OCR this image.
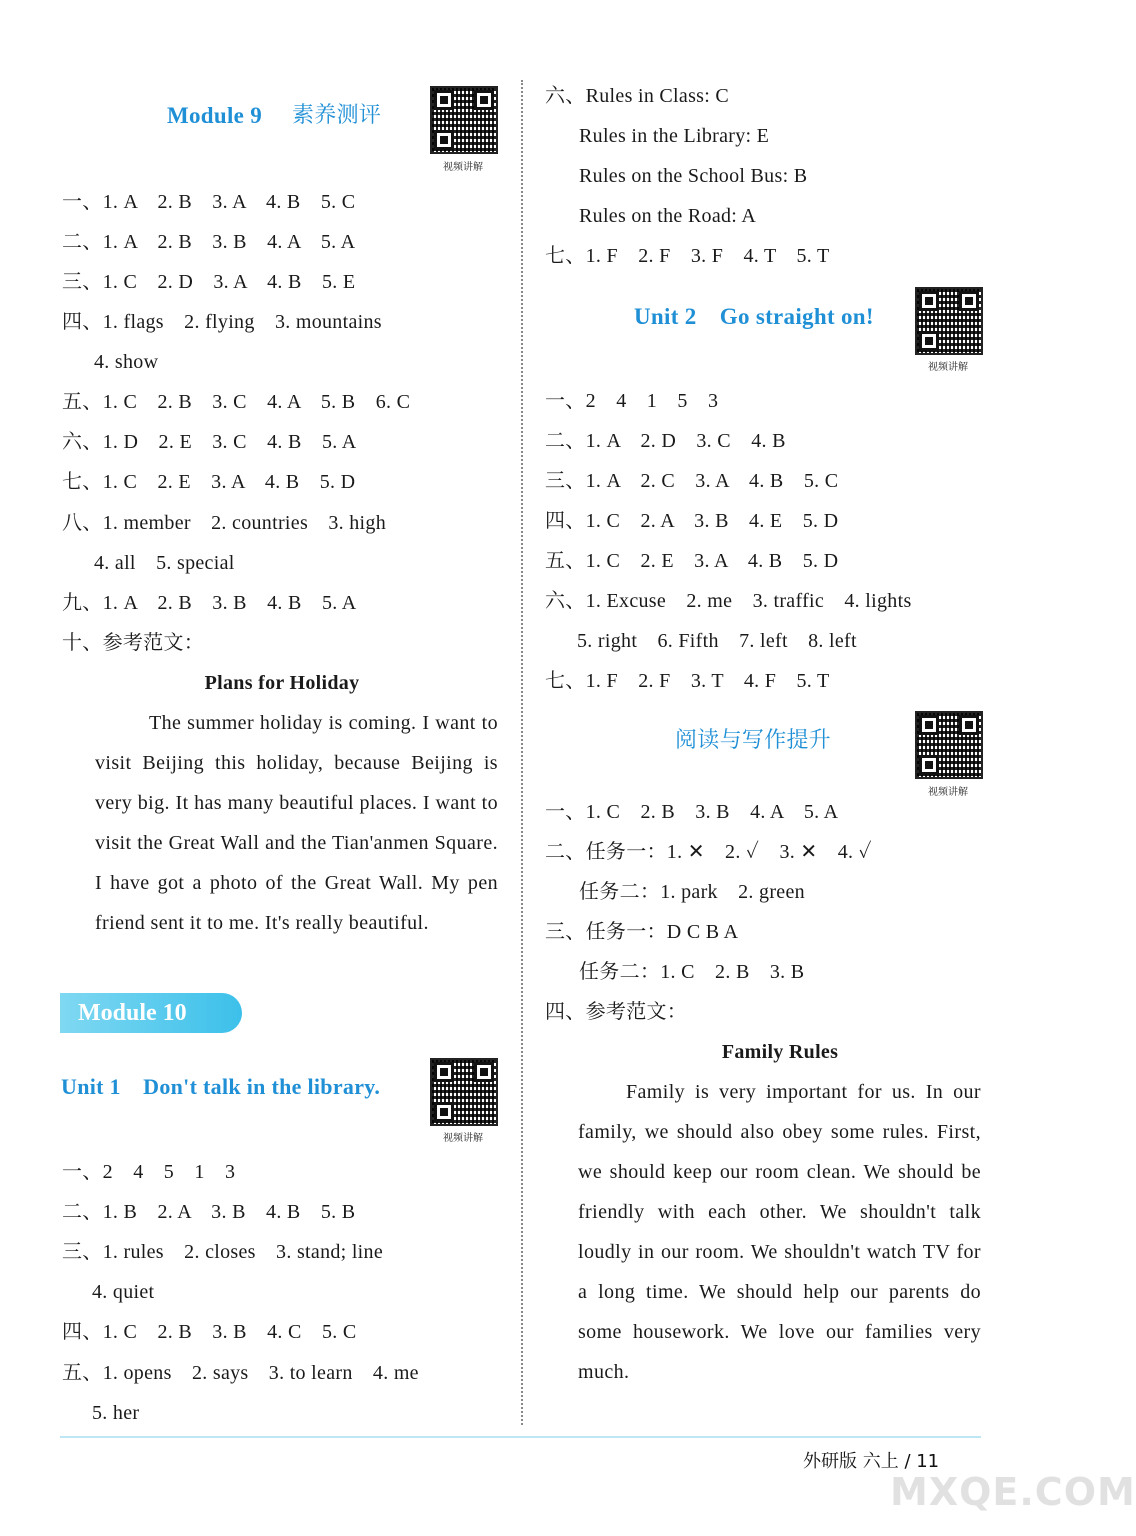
Module 9 素养测评
视频讲解
一、1. A　2. B　3. A　4. B　5. C
二、1. A　2. B　3. B　4. A　5. A
三、1. C　2. D　3. A　4. B　5. E
四、1. flags　2. flying　3. mountains
4. show
五、1. C　2. B　3. C　4. A　5. B　6. C
六、1. D　2. E　3. C　4. B　5. A
七、1. C　2. E　3. A　4. B　5. D
八、1. member　2. countries　3. high
4. all　5. special
九、1. A　2. B　3. B　4. B　5. A
十、参考范文：
Plans for Holiday
The summer holiday is coming. I want to visit Beijing this holiday, because Beijing is very big. It has many beautiful places. I want to visit the Great Wall and the Tian'anmen Square. I have got a photo of the Great Wall. My pen friend sent it to me. It's really beautiful.
Module 10
Unit 1　Don't talk in the library.
视频讲解
一、2　4　5　1　3
二、1. B　2. A　3. B　4. B　5. B
三、1. rules　2. closes　3. stand; line
4. quiet
四、1. C　2. B　3. B　4. C　5. C
五、1. opens　2. says　3. to learn　4. me
5. her
六、Rules in Class: C
Rules in the Library: E
Rules on the School Bus: B
Rules on the Road: A
七、1. F　2. F　3. F　4. T　5. T
Unit 2　Go straight on!
视频讲解
一、2　4　1　5　3
二、1. A　2. D　3. C　4. B
三、1. A　2. C　3. A　4. B　5. C
四、1. C　2. A　3. B　4. E　5. D
五、1. C　2. E　3. A　4. B　5. D
六、1. Excuse　2. me　3. traffic　4. lights
5. right　6. Fifth　7. left　8. left
七、1. F　2. F　3. T　4. F　5. T
阅读与写作提升
视频讲解
一、1. C　2. B　3. B　4. A　5. A
二、任务一：1. ✕　2. ✓　3. ✕　4. ✓
任务二：1. park　2. green
三、任务一：D C B A
任务二：1. C　2. B　3. B
四、参考范文：
Family Rules
Family is very important for us. In our family, we should also obey some rules. First, we should keep our room clean. We should be friendly with each other. We shouldn't talk loudly in our room. We shouldn't watch TV for a long time. We should help our parents do some housework. We love our families very much.
外研版 六上 / 11
MXQE.COM
